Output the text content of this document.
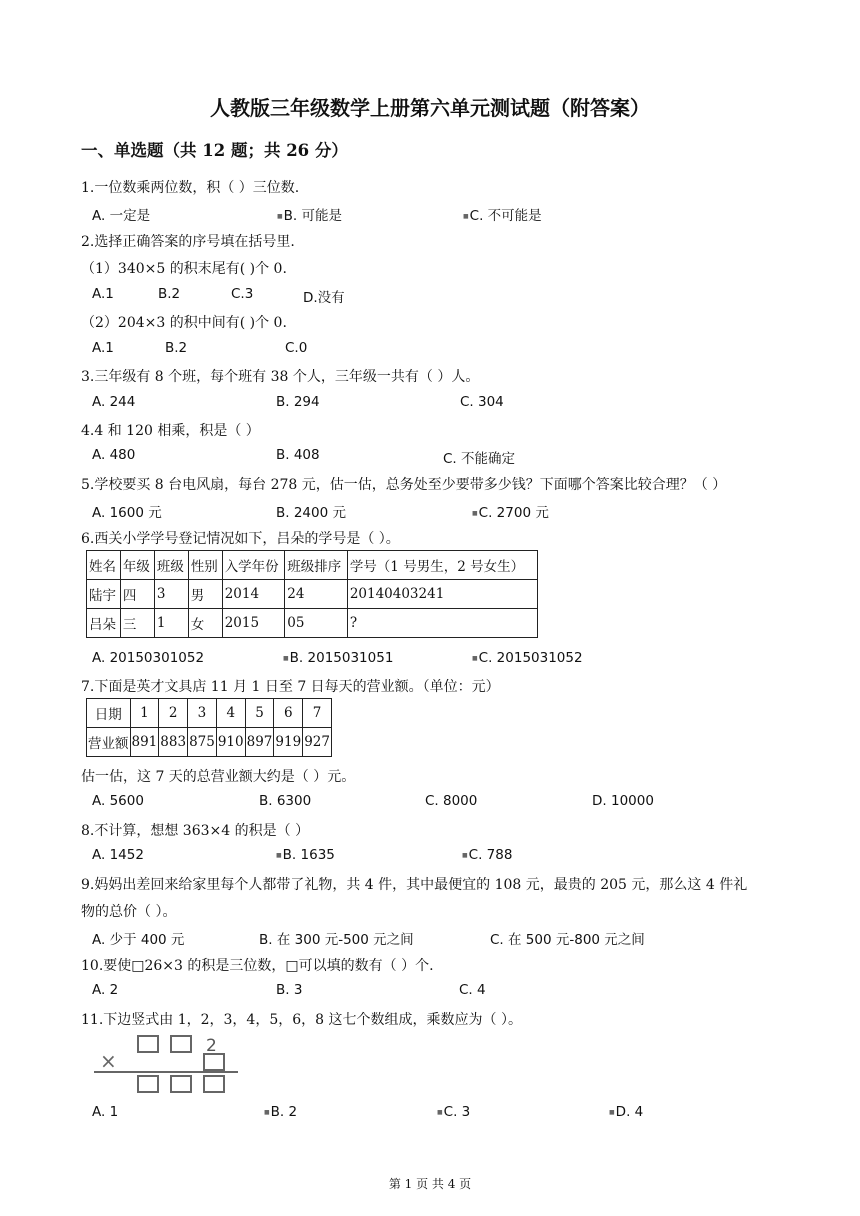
人教版三年级数学上册第六单元测试题（附答案）
一、单选题（共 12 题；共 26 分）
1.一位数乘两位数，积（ ）三位数.
A. 一定是	■B. 可能是	■C. 不可能是
2.选择正确答案的序号填在括号里.
（1）340×5 的积末尾有( )个 0.
A.1	B.2	C.3	D.没有
（2）204×3 的积中间有( )个 0.
A.1	B.2	C.0
3.三年级有 8 个班，每个班有 38 个人，三年级一共有（ ）人。
A. 244	B. 294	C. 304
4.4 和 120 相乘，积是（ ）
A. 480	B. 408	C. 不能确定
5.学校要买 8 台电风扇，每台 278 元，估一估，总务处至少要带多少钱？下面哪个答案比较合理？（ ）
A. 1600 元	B. 2400 元	■C. 2700 元
6.西关小学学号登记情况如下，吕朵的学号是（ ）。
姓名	年级	班级	性别	入学年份	班级排序	学号（1 号男生，2 号女生）
陆宇	四	3	男	2014	24	20140403241
吕朵	三	1	女	2015	05	?
A. 20150301052	■B. 2015031051	■C. 2015031052
7.下面是英才文具店 11 月 1 日至 7 日每天的营业额。（单位：元）
日期	1	2	3	4	5	6	7
营业额	891	883	875	910	897	919	927
估一估，这 7 天的总营业额大约是（ ）元。
A. 5600	B. 6300	C. 8000	D. 10000
8.不计算，想想 363×4 的积是（ ）
A. 1452	■B. 1635	■C. 788
9.妈妈出差回来给家里每个人都带了礼物，共 4 件，其中最便宜的 108 元，最贵的 205 元，那么这 4 件礼
物的总价（ ）。
A. 少于 400 元	B. 在 300 元-500 元之间	C. 在 500 元-800 元之间
10.要使□26×3 的积是三位数，□可以填的数有（ ）个.
A. 2	B. 3	C. 4
11.下边竖式由 1，2，3，4，5，6，8 这七个数组成，乘数应为（ ）。
2
×
A. 1	■B. 2	■C. 3	■D. 4
第 1 页 共 4 页
